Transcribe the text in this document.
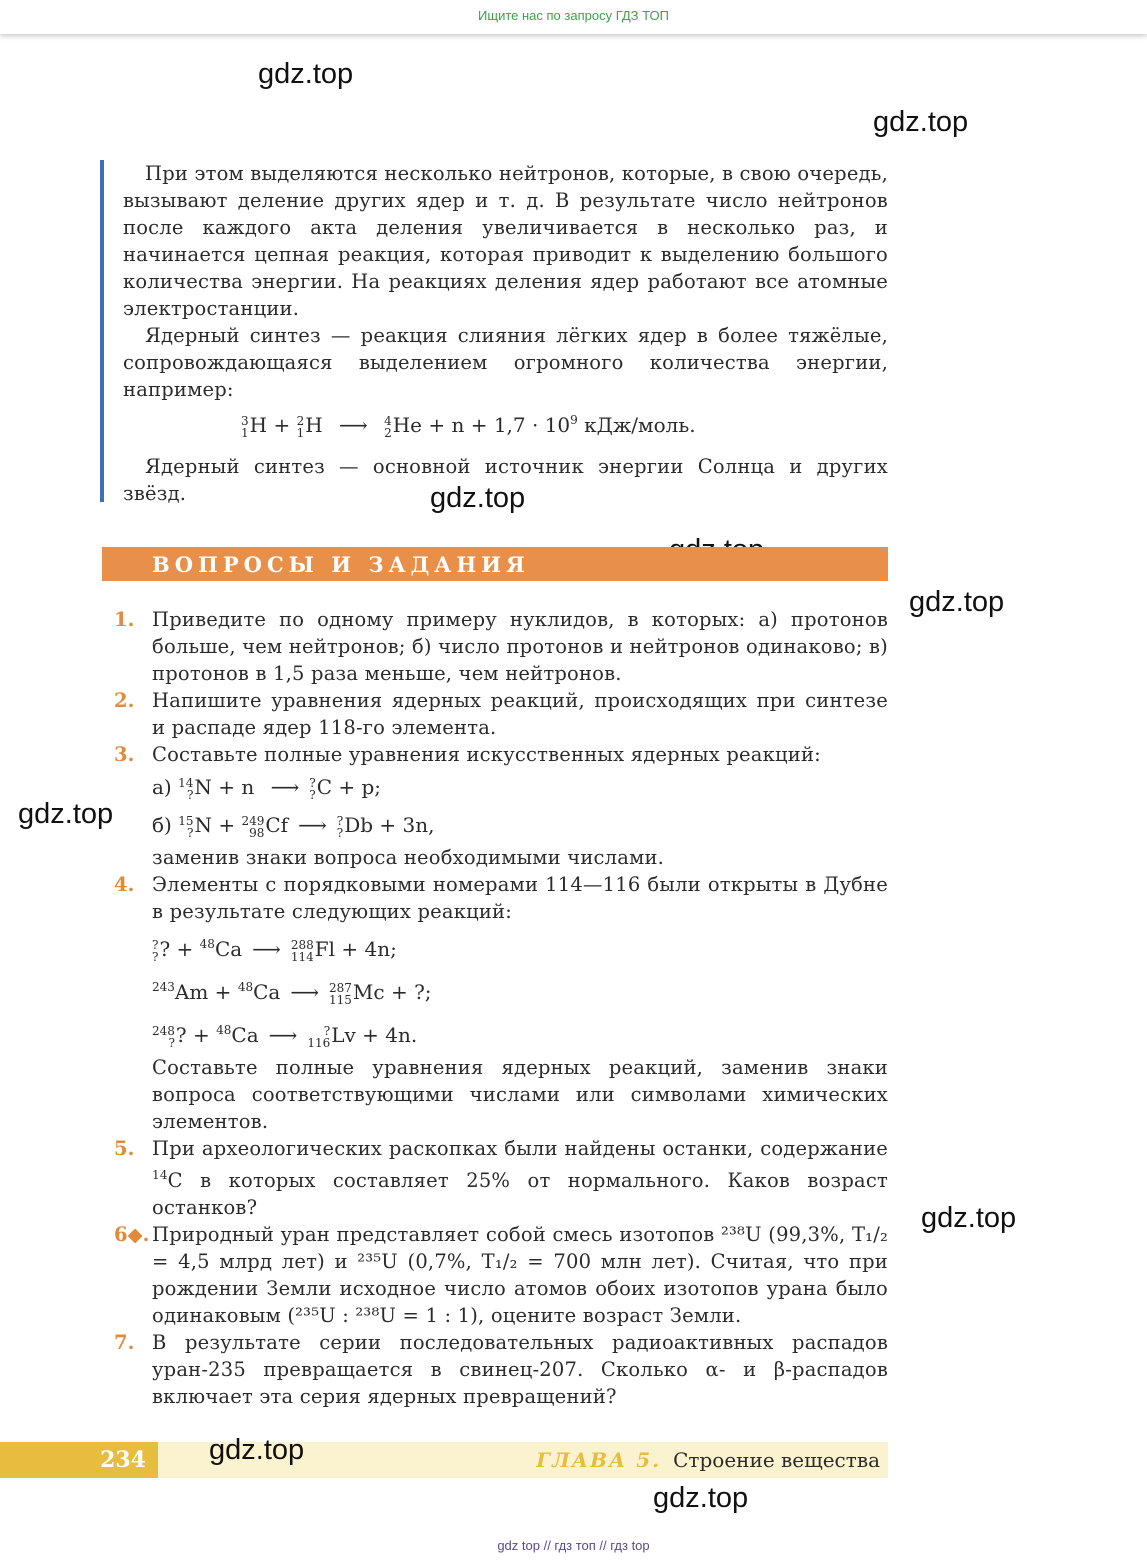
Ищите нас по запросу ГДЗ ТОП
gdz.top
gdz.top
gdz.top
gdz.top
gdz.top
gdz.top
gdz.top
gdz.top

При этом выделяются несколько нейтронов, которые, в свою очередь, вызывают деление других ядер и т. д. В результате число нейтронов после каждого акта деления увеличивается в несколько раз, и начинается цепная реакция, которая приводит к выделению большого количества энергии. На реакциях деления ядер работают все атомные электростанции.

Ядерный синтез — реакция слияния лёгких ядер в более тяжёлые, сопровождающаяся выделением огромного количества энергии, например:

3
1 H + 2
1 H ⟶ 4
2 $He + n + 1,7 \cdot 10^9$ кДж/моль.

Ядерный синтез — основной источник энергии Солнца и других звёзд.

ВОПРОСЫ И ЗАДАНИЯ
1. Приведите по одному примеру нуклидов, в которых: а) протонов больше, чем нейтронов; б) число протонов и нейтронов одинаково; в) протонов в 1,5 раза меньше, чем нейтронов.
2. Напишите уравнения ядерных реакций, происходящих при синтезе и распаде ядер 118-го элемента.
3. Составьте полные уравнения искусственных ядерных реакций:
а) 14
? N + n ⟶ ?
? C + p;
б) 15
? N + 249
98 Cf ⟶ ?
? Db + 3n,
заменив знаки вопроса необходимыми числами.
4. Элементы с порядковыми номерами 114—116 были открыты в Дубне в результате следующих реакций:
?
? ? + $^{48}$Ca ⟶ 288
114 Fl + 4n;
$^{243}$Am + $^{48}$Ca ⟶ 287
115 Mc + ?;
248
? ? + $^{48}$Ca ⟶	?
116 Lv + 4n.
Составьте полные уравнения ядерных реакций, заменив знаки вопроса соответствующими числами или символами химических элементов.
5. При археологических раскопках были найдены останки, содержание $^{14}$С в которых составляет 25% от нормального. Каков возраст останков?
6◆. Природный уран представляет собой смесь изотопов ²³⁸U (99,3%, T₁/₂ = 4,5 млрд лет) и ²³⁵U (0,7%, T₁/₂ = 700 млн лет). Считая, что при рождении Земли исходное число атомов обоих изотопов урана было одинаковым (²³⁵U : ²³⁸U = 1 : 1), оцените возраст Земли.
7. В результате серии последовательных радиоактивных распадов уран-235 превращается в свинец-207. Сколько α- и β-распадов включает эта серия ядерных превращений?
234	ГЛАВА 5. Строение вещества
gdz top // гдз топ // гдз top
